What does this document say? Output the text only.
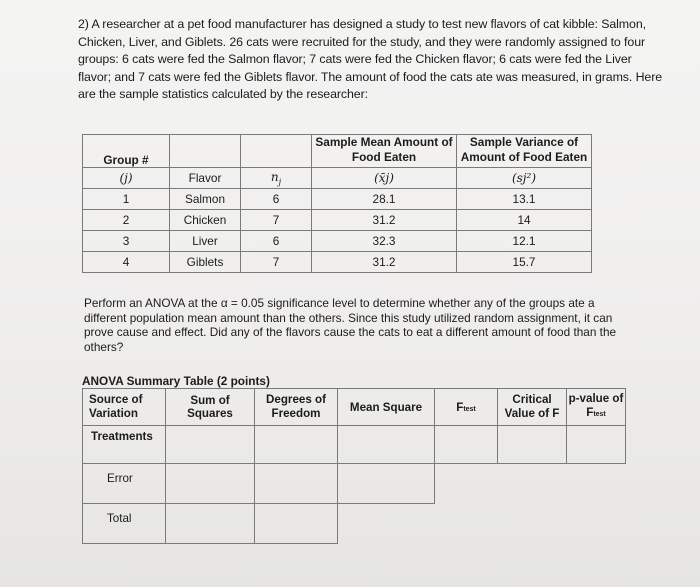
2) A researcher at a pet food manufacturer has designed a study to test new flavors of cat kibble: Salmon, Chicken, Liver, and Giblets. 26 cats were recruited for the study, and they were randomly assigned to four groups: 6 cats were fed the Salmon flavor; 7 cats were fed the Chicken flavor; 6 cats were fed the Liver flavor; and 7 cats were fed the Giblets flavor. The amount of food the cats ate was measured, in grams. Here are the sample statistics calculated by the researcher:
Group #			Sample Mean Amount of Food Eaten	Sample Variance of Amount of Food Eaten
(j)	Flavor	$n_j$	(x̄j)	(sj²)
1	Salmon	6	28.1	13.1
2	Chicken	7	31.2	14
3	Liver	6	32.3	12.1
4	Giblets	7	31.2	15.7
Perform an ANOVA at the α = 0.05 significance level to determine whether any of the groups ate a different population mean amount than the others. Since this study utilized random assignment, it can prove cause and effect. Did any of the flavors cause the cats to eat a different amount of food than the others?
ANOVA Summary Table (2 points)
Source of Variation	Sum of Squares	Degrees of Freedom	Mean Square	Ftest	Critical Value of F	p-value of Ftest
Treatments						
Error						
Total						
